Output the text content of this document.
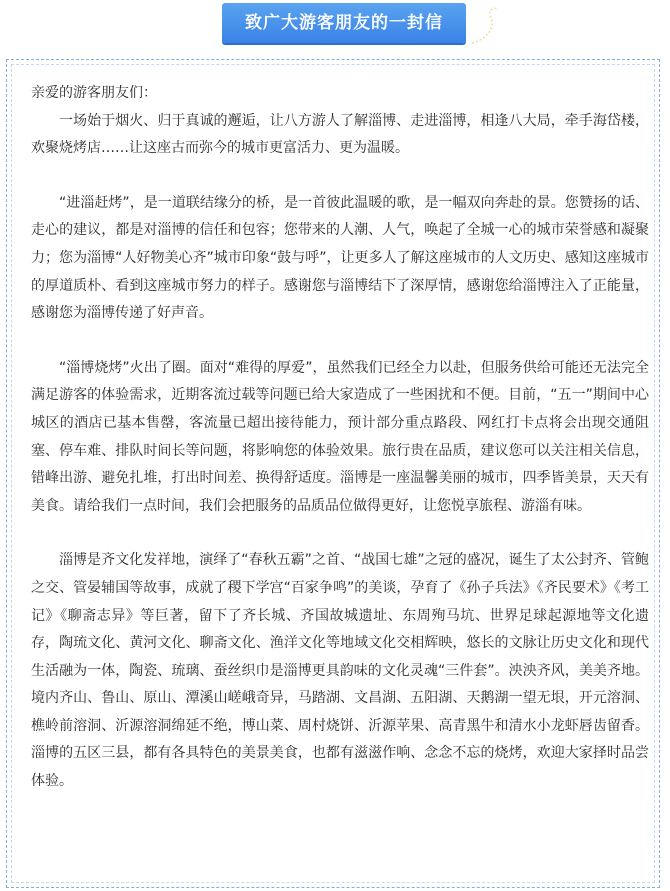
致广大游客朋友的一封信

亲爱的游客朋友们：

一场始于烟火、归于真诚的邂逅，让八方游人了解淄博、走进淄博，相逢八大局，牵手海岱楼，欢聚烧烤店……让这座古而弥今的城市更富活力、更为温暖。

“进淄赶烤”，是一道联结缘分的桥，是一首彼此温暖的歌，是一幅双向奔赴的景。您赞扬的话、走心的建议，都是对淄博的信任和包容；您带来的人潮、人气，唤起了全城一心的城市荣誉感和凝聚力；您为淄博“人好物美心齐”城市印象“鼓与呼”，让更多人了解这座城市的人文历史、感知这座城市的厚道质朴、看到这座城市努力的样子。感谢您与淄博结下了深厚情，感谢您给淄博注入了正能量，感谢您为淄博传递了好声音。

“淄博烧烤”火出了圈。面对“难得的厚爱”，虽然我们已经全力以赴，但服务供给可能还无法完全满足游客的体验需求，近期客流过载等问题已给大家造成了一些困扰和不便。目前，“五一”期间中心城区的酒店已基本售罄，客流量已超出接待能力，预计部分重点路段、网红打卡点将会出现交通阻塞、停车难、排队时间长等问题，将影响您的体验效果。旅行贵在品质，建议您可以关注相关信息，错峰出游、避免扎堆，打出时间差、换得舒适度。淄博是一座温馨美丽的城市，四季皆美景，天天有美食。请给我们一点时间，我们会把服务的品质品位做得更好，让您悦享旅程、游淄有味。

淄博是齐文化发祥地，演绎了“春秋五霸”之首、“战国七雄”之冠的盛况，诞生了太公封齐、管鲍之交、管晏辅国等故事，成就了稷下学宫“百家争鸣”的美谈，孕育了《孙子兵法》《齐民要术》《考工记》《聊斋志异》等巨著，留下了齐长城、齐国故城遗址、东周殉马坑、世界足球起源地等文化遗存，陶琉文化、黄河文化、聊斋文化、渔洋文化等地域文化交相辉映，悠长的文脉让历史文化和现代生活融为一体，陶瓷、琉璃、蚕丝织巾是淄博更具韵味的文化灵魂“三件套”。泱泱齐风，美美齐地。境内齐山、鲁山、原山、潭溪山嵯峨奇异，马踏湖、文昌湖、五阳湖、天鹅湖一望无垠，开元溶洞、樵岭前溶洞、沂源溶洞绵延不绝，博山菜、周村烧饼、沂源苹果、高青黑牛和清水小龙虾唇齿留香。淄博的五区三县，都有各具特色的美景美食，也都有滋滋作响、念念不忘的烧烤，欢迎大家择时品尝体验。
